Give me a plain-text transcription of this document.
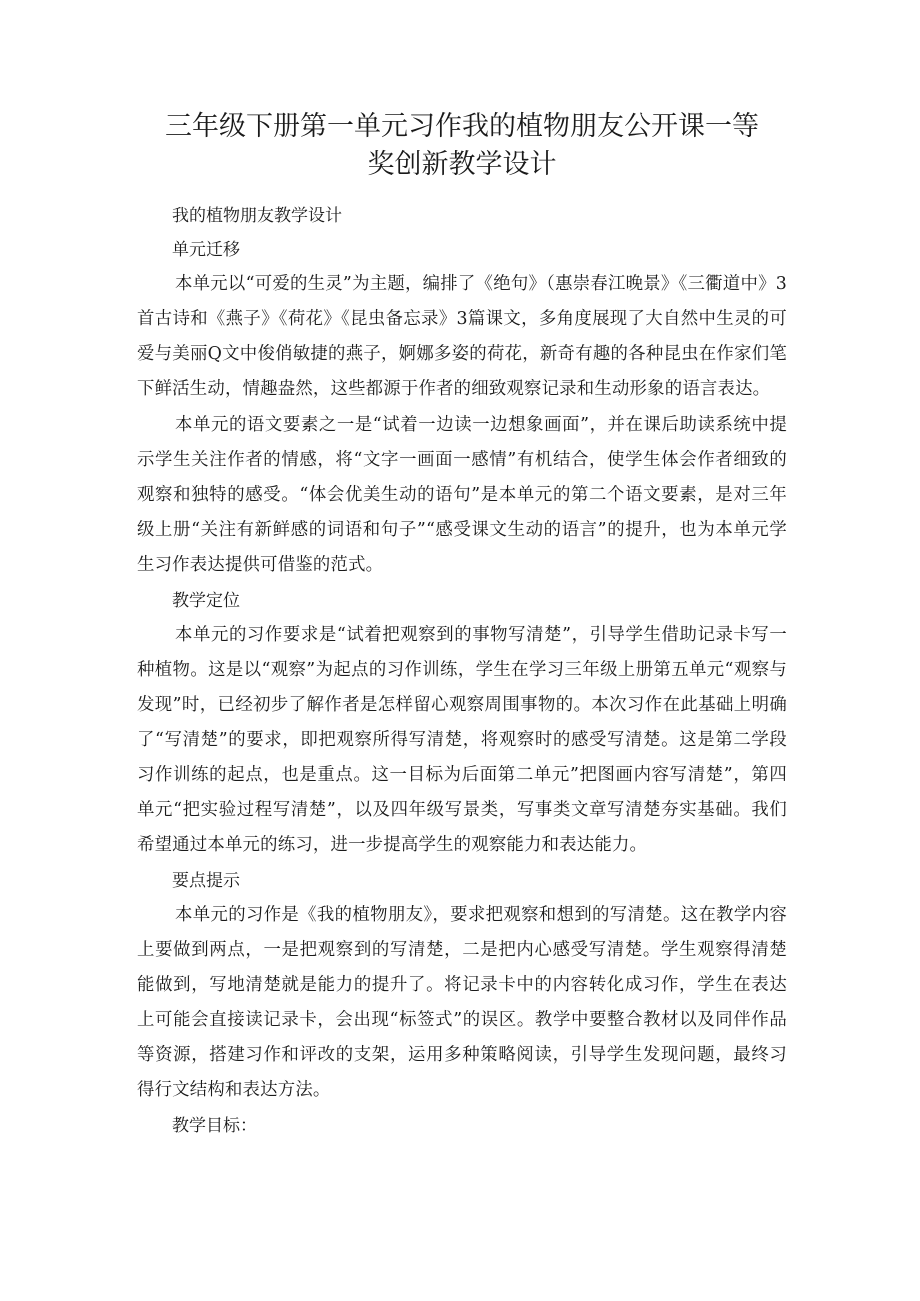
三年级下册第一单元习作我的植物朋友公开课一等
奖创新教学设计

我的植物朋友教学设计

单元迁移

本单元以“可爱的生灵”为主题，编排了《绝句》（惠崇春江晚景》《三衢道中》3首古诗和《燕子》《荷花》《昆虫备忘录》3篇课文，多角度展现了大自然中生灵的可爱与美丽Q文中俊俏敏捷的燕子，婀娜多姿的荷花，新奇有趣的各种昆虫在作家们笔下鲜活生动，情趣盎然，这些都源于作者的细致观察记录和生动形象的语言表达。

本单元的语文要素之一是“试着一边读一边想象画面”，并在课后助读系统中提示学生关注作者的情感，将“文字一画面一感情”有机结合，使学生体会作者细致的观察和独特的感受。“体会优美生动的语句”是本单元的第二个语文要素，是对三年级上册“关注有新鲜感的词语和句子”“感受课文生动的语言”的提升，也为本单元学生习作表达提供可借鉴的范式。

教学定位

本单元的习作要求是“试着把观察到的事物写清楚”，引导学生借助记录卡写一种植物。这是以“观察”为起点的习作训练，学生在学习三年级上册第五单元“观察与发现”时，已经初步了解作者是怎样留心观察周围事物的。本次习作在此基础上明确了“写清楚”的要求，即把观察所得写清楚，将观察时的感受写清楚。这是第二学段习作训练的起点，也是重点。这一目标为后面第二单元”把图画内容写清楚”，第四单元“把实验过程写清楚”，以及四年级写景类，写事类文章写清楚夯实基础。我们希望通过本单元的练习，进一步提高学生的观察能力和表达能力。

要点提示

本单元的习作是《我的植物朋友》，要求把观察和想到的写清楚。这在教学内容上要做到两点，一是把观察到的写清楚，二是把内心感受写清楚。学生观察得清楚能做到，写地清楚就是能力的提升了。将记录卡中的内容转化成习作，学生在表达上可能会直接读记录卡，会出现“标签式”的误区。教学中要整合教材以及同伴作品等资源，搭建习作和评改的支架，运用多种策略阅读，引导学生发现问题，最终习得行文结构和表达方法。

教学目标：
